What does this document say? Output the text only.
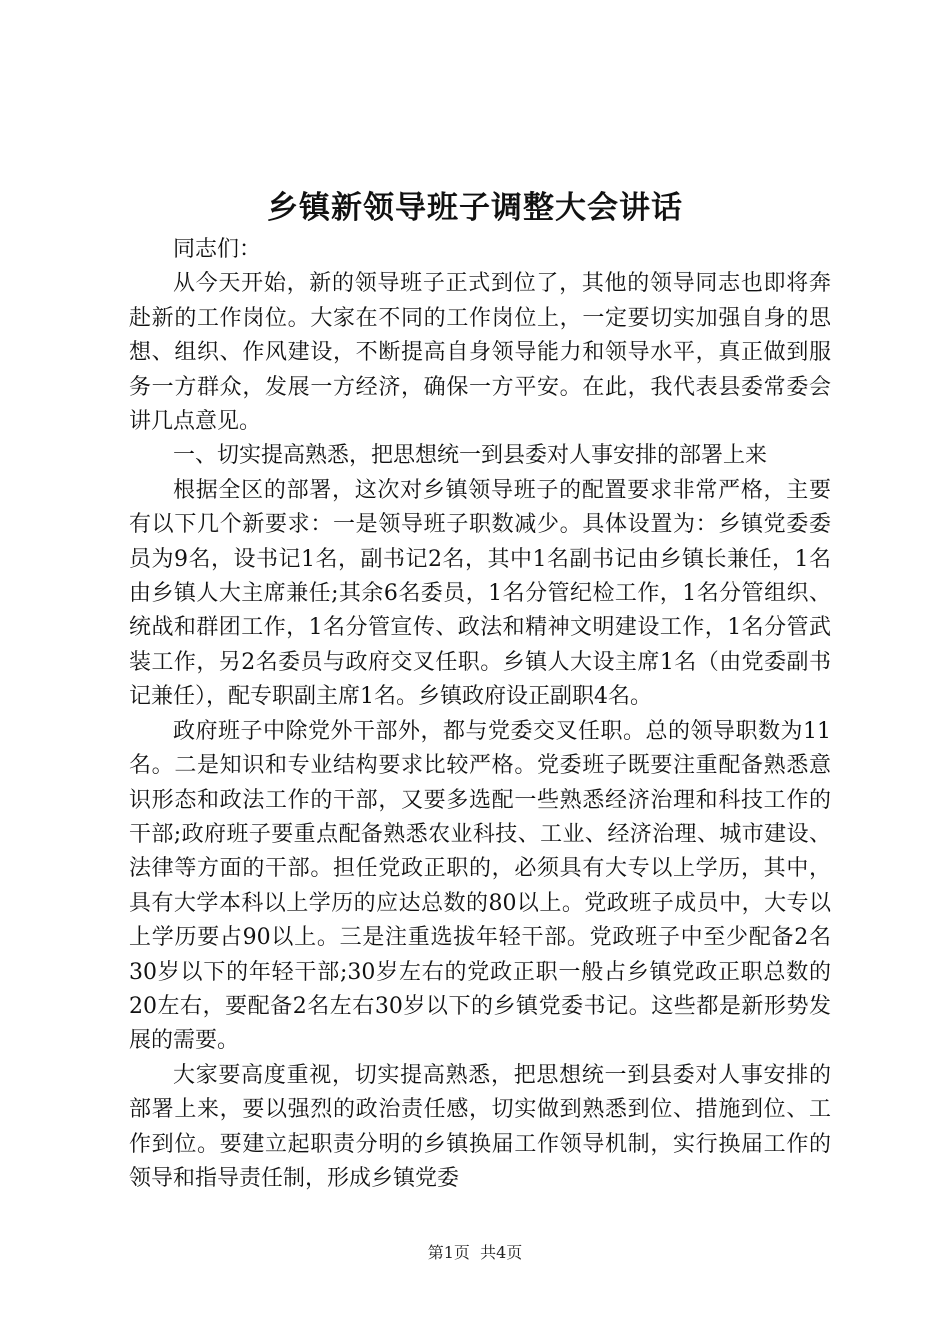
乡镇新领导班子调整大会讲话

同志们：

从今天开始，新的领导班子正式到位了，其他的领导同志也即将奔赴新的工作岗位。大家在不同的工作岗位上，一定要切实加强自身的思想、组织、作风建设，不断提高自身领导能力和领导水平，真正做到服务一方群众，发展一方经济，确保一方平安。在此，我代表县委常委会讲几点意见。

一、切实提高熟悉，把思想统一到县委对人事安排的部署上来

根据全区的部署，这次对乡镇领导班子的配置要求非常严格，主要有以下几个新要求：一是领导班子职数减少。具体设置为：乡镇党委委员为9名，设书记1名，副书记2名，其中1名副书记由乡镇长兼任，1名由乡镇人大主席兼任;其余6名委员，1名分管纪检工作，1名分管组织、统战和群团工作，1名分管宣传、政法和精神文明建设工作，1名分管武装工作，另2名委员与政府交叉任职。乡镇人大设主席1名（由党委副书记兼任），配专职副主席1名。乡镇政府设正副职4名。

政府班子中除党外干部外，都与党委交叉任职。总的领导职数为11名。二是知识和专业结构要求比较严格。党委班子既要注重配备熟悉意识形态和政法工作的干部，又要多选配一些熟悉经济治理和科技工作的干部;政府班子要重点配备熟悉农业科技、工业、经济治理、城市建设、法律等方面的干部。担任党政正职的，必须具有大专以上学历，其中，具有大学本科以上学历的应达总数的80以上。党政班子成员中，大专以上学历要占90以上。三是注重选拔年轻干部。党政班子中至少配备2名30岁以下的年轻干部;30岁左右的党政正职一般占乡镇党政正职总数的20左右，要配备2名左右30岁以下的乡镇党委书记。这些都是新形势发展的需要。

大家要高度重视，切实提高熟悉，把思想统一到县委对人事安排的部署上来，要以强烈的政治责任感，切实做到熟悉到位、措施到位、工作到位。要建立起职责分明的乡镇换届工作领导机制，实行换届工作的领导和指导责任制，形成乡镇党委

第1页  共4页
